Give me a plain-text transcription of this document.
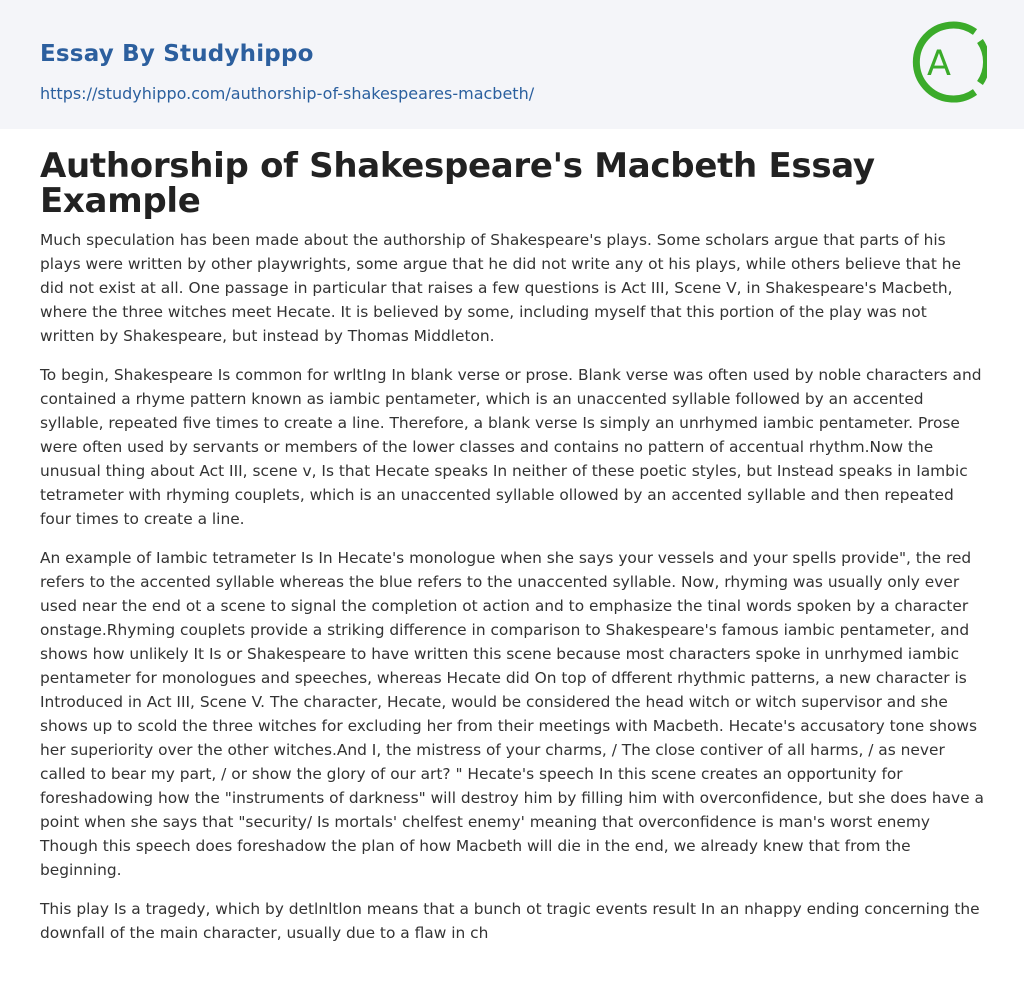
Essay By Studyhippo
https://studyhippo.com/authorship-of-shakespeares-macbeth/
A
Authorship of Shakespeare's Macbeth Essay Example

Much speculation has been made about the authorship of Shakespeare's plays. Some scholars argue that parts of his plays were written by other playwrights, some argue that he did not write any ot his plays, while others believe that he did not exist at all. One passage in particular that raises a few questions is Act III, Scene V, in Shakespeare's Macbeth, where the three witches meet Hecate. It is believed by some, including myself that this portion of the play was not written by Shakespeare, but instead by Thomas Middleton.

To begin, Shakespeare Is common for wrltIng In blank verse or prose. Blank verse was often used by noble characters and contained a rhyme pattern known as iambic pentameter, which is an unaccented syllable followed by an accented syllable, repeated five times to create a line. Therefore, a blank verse Is simply an unrhymed iambic pentameter. Prose were often used by servants or members of the lower classes and contains no pattern of accentual rhythm.Now the unusual thing about Act III, scene v, Is that Hecate speaks In neither of these poetic styles, but Instead speaks in Iambic tetrameter with rhyming couplets, which is an unaccented syllable ollowed by an accented syllable and then repeated four times to create a line.

An example of Iambic tetrameter Is In Hecate's monologue when she says your vessels and your spells provide", the red refers to the accented syllable whereas the blue refers to the unaccented syllable. Now, rhyming was usually only ever used near the end ot a scene to signal the completion ot action and to emphasize the tinal words spoken by a character onstage.Rhyming couplets provide a striking difference in comparison to Shakespeare's famous iambic pentameter, and shows how unlikely It Is or Shakespeare to have written this scene because most characters spoke in unrhymed iambic pentameter for monologues and speeches, whereas Hecate did On top of dfferent rhythmic patterns, a new character is Introduced in Act III, Scene V. The character, Hecate, would be considered the head witch or witch supervisor and she shows up to scold the three witches for excluding her from their meetings with Macbeth. Hecate's accusatory tone shows her superiority over the other witches.And I, the mistress of your charms, / The close contiver of all harms, / as never called to bear my part, / or show the glory of our art? " Hecate's speech In this scene creates an opportunity for foreshadowing how the "instruments of darkness" will destroy him by filling him with overconfidence, but she does have a point when she says that "security/ Is mortals' chelfest enemy' meaning that overconfidence is man's worst enemy Though this speech does foreshadow the plan of how Macbeth will die in the end, we already knew that from the beginning.

This play Is a tragedy, which by detlnltlon means that a bunch ot tragic events result In an nhappy ending concerning the downfall of the main character, usually due to a flaw in ch
